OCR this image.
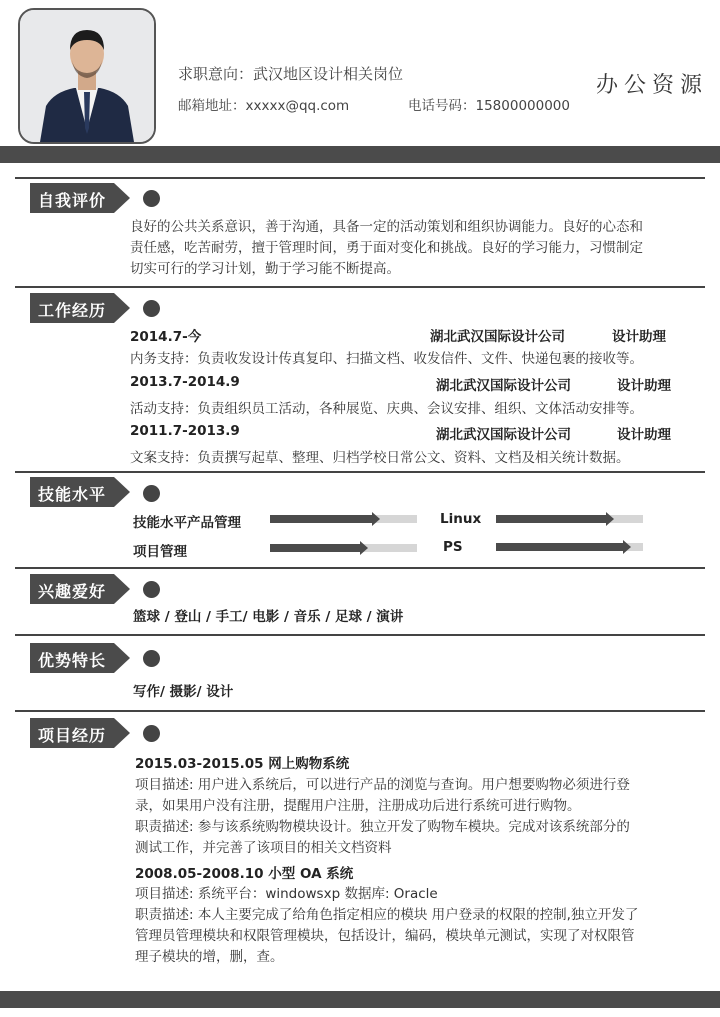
求职意向：武汉地区设计相关岗位
邮箱地址：xxxxx@qq.com	电话号码：15800000000
办公资源
自我评价
良好的公共关系意识，善于沟通，具备一定的活动策划和组织协调能力。良好的心态和
责任感，吃苦耐劳，擅于管理时间，勇于面对变化和挑战。良好的学习能力，习惯制定
切实可行的学习计划，勤于学习能不断提高。
工作经历
2014.7-今	湖北武汉国际设计公司	设计助理
内务支持：负责收发设计传真复印、扫描文档、收发信件、文件、快递包裹的接收等。
2013.7-2014.9	湖北武汉国际设计公司	设计助理
活动支持：负责组织员工活动，各种展览、庆典、会议安排、组织、文体活动安排等。
2011.7-2013.9	湖北武汉国际设计公司	设计助理
文案支持：负责撰写起草、整理、归档学校日常公文、资料、文档及相关统计数据。
技能水平
技能水平产品管理	Linux
项目管理	PS
兴趣爱好
篮球 / 登山 / 手工/ 电影 / 音乐 / 足球 / 演讲
优势特长
写作/ 摄影/ 设计
项目经历
2015.03-2015.05 网上购物系统
项目描述: 用户进入系统后，可以进行产品的浏览与查询。用户想要购物必须进行登
录，如果用户没有注册，提醒用户注册，注册成功后进行系统可进行购物。
职责描述: 参与该系统购物模块设计。独立开发了购物车模块。完成对该系统部分的
测试工作，并完善了该项目的相关文档资料
2008.05-2008.10 小型 OA 系统
项目描述: 系统平台：windowsxp 数据库: Oracle
职责描述: 本人主要完成了给角色指定相应的模块 用户登录的权限的控制,独立开发了
管理员管理模块和权限管理模块，包括设计，编码，模块单元测试，实现了对权限管
理子模块的增，删，查。
